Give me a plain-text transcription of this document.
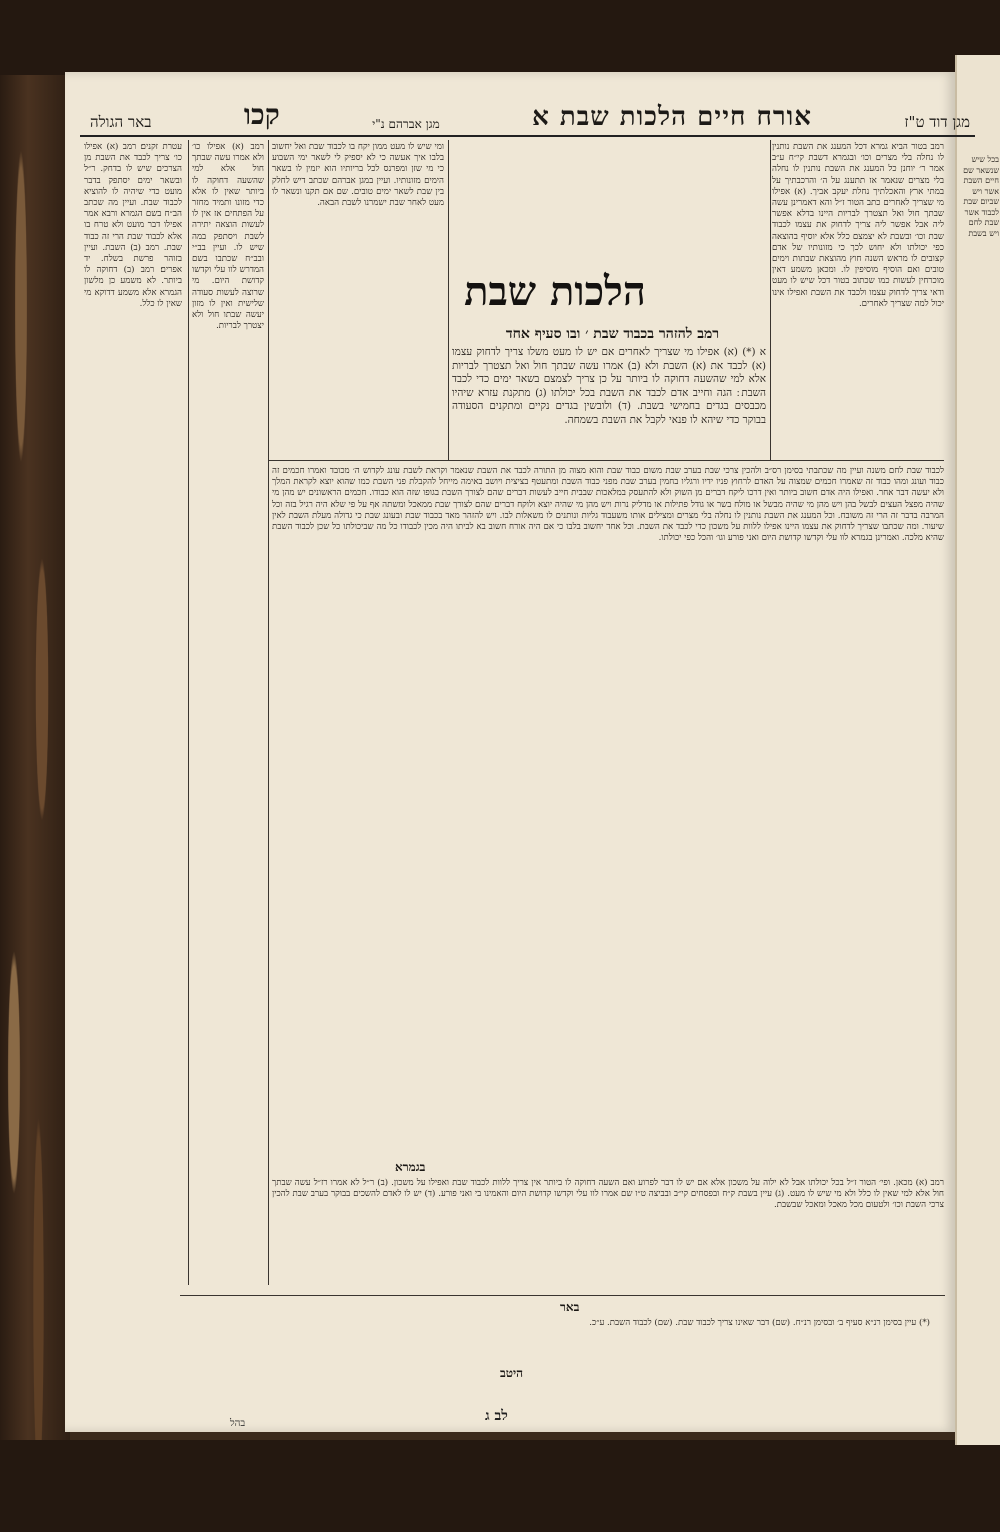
בכל שיש שנשאר שם חיים השבת אשר ויש שביום שבת לכבוד אשר שבת לחם ויש בשבת
מגן דוד ט"ז
אורח חיים הלכות שבת א
מגן אברהם נ"י
קכו
באר הגולה
רמב בטור הביא גמרא דכל המענג את השבת נותנין לו נחלה בלי מצרים וכו׳ ובגמרא דשבת קי״ח ע״ב אמר ר׳ יוחנן כל המענג את השבת נותנין לו נחלה בלי מצרים שנאמר אז תתענג על ה׳ והרכבתיך על במתי ארץ והאכלתיך נחלת יעקב אביך. (א) אפילו מי שצריך לאחרים כתב הטור ז״ל והא דאמרינן עשה שבתך חול ואל תצטרך לבריות היינו בדלא אפשר ליה אבל אפשר ליה צריך לדחוק את עצמו לכבוד שבת וכו׳ ובשבת לא יצמצם כלל אלא יוסיף בהוצאה כפי יכולתו ולא יחוש לכך כי מזונותיו של אדם קצובים לו מראש השנה חוץ מהוצאת שבתות וימים טובים ואם הוסיף מוסיפין לו. ומכאן משמע דאין מוכרחין לעשות כמו שכתוב בטור דכל שיש לו מעט ודאי צריך לדחוק עצמו ולכבד את השבת ואפילו אינו יכול למה שצריך לאחרים.
הלכות שבת
רמב להזהר בכבוד שבת ׳ ובו סעיף אחד
א (*) (א) אפילו מי שצריך לאחרים אם יש לו מעט משלו צריך לדחוק עצמו (א) לכבד את (א) השבת ולא (ב) אמרו עשה שבתך חול ואל תצטרך לבריות אלא למי שהשעה דחוקה לו ביותר על כן צריך לצמצם בשאר ימים כדי לכבד השבת ׃ הגה וחייב אדם לכבד את השבת בכל יכולתו (ג) מתקנת עזרא שיהיו מכבסים בגדים בחמישי בשבת. (ד) ולובשין בגדים נקיים ומתקנים הסעודה בבוקר כדי שיהא לו פנאי לקבל את השבת בשמחה.
ומי שיש לו מעט ממון יקח בו לכבוד שבת ואל יחשוב בלבו איך אעשה כי לא יספיק לי לשאר ימי השבוע כי מי שזן ומפרנס לכל בריותיו הוא יזמין לו בשאר הימים מזונותיו. ועיין במגן אברהם שכתב דיש לחלק בין שבת לשאר ימים טובים. שם אם תקנו ונשאר לו מעט לאחר שבת ישמרנו לשבת הבאה.
לכבוד שבת לחם משנה ועיין מה שכתבתי בסימן רס״ב ולהכין צרכי שבת בערב שבת משום כבוד שבת והוא מצוה מן התורה לכבד את השבת שנאמר וקראת לשבת עונג לקדוש ה׳ מכובד ואמרו חכמים זה כבוד ועונג ומהו כבוד זה שאמרו חכמים שמצוה על האדם לרחוץ פניו ידיו ורגליו בחמין בערב שבת מפני כבוד השבת ומתעטף בציצית ויושב באימה מייחל להקבלת פני השבת כמו שהוא יוצא לקראת המלך ולא יעשה דבר אחר. ואפילו היה אדם חשוב ביותר ואין דרכו ליקח דברים מן השוק ולא להתעסק במלאכות שבבית חייב לעשות דברים שהם לצורך השבת בגופו שזה הוא כבודו. חכמים הראשונים יש מהן מי שהיה מפצל העצים לבשל בהן ויש מהן מי שהיה מבשל או מולח בשר או גודל פתילות או מדליק נרות ויש מהן מי שהיה יוצא ולוקח דברים שהם לצורך שבת ממאכל ומשתה אף על פי שלא היה רגיל בזה וכל המרבה בדבר זה הרי זה משובח. וכל המענג את השבת נותנין לו נחלה בלי מצרים ומצילים אותו משעבוד גליות ונותנים לו משאלות לבו. ויש להזהר מאד בכבוד שבת ובעונג שבת כי גדולה מעלת השבת לאין שיעור. ומה שכתבו שצריך לדחוק את עצמו היינו אפילו ללוות על משכון כדי לכבד את השבת. וכל אחד יחשוב בלבו כי אם היה אורח חשוב בא לביתו היה מכין לכבודו כל מה שביכולתו כל שכן לכבוד השבת שהיא מלכה. ואמרינן בגמרא לוו עלי וקדשו קדושת היום ואני פורע וגו׳ והכל כפי יכולתו.
בגמרא
רמב (א) מכאן. ופי׳ הטור ז״ל בכל יכולתו אבל לא ילוה על משכון אלא אם יש לו דבר לפרוע ואם השעה דחוקה לו ביותר אין צריך ללוות לכבוד שבת ואפילו על משכון. (ב) ר״ל לא אמרו רז״ל עשה שבתך חול אלא למי שאין לו כלל ולא מי שיש לו מעט. (ג) עיין בשבת ק״ח ובפסחים קי״ב ובביצה ט״ו שם אמרו לוו עלי וקדשו קדושת היום והאמינו בי ואני פורע. (ד) יש לו לאדם להשכים בבוקר בערב שבת להכין צרכי השבת וכו׳ ולטעום מכל מאכל ומאכל שבשבת.
רמב (א) אפילו כו׳ ולא אמרו עשה שבתך חול אלא למי שהשעה דחוקה לו ביותר שאין לו אלא כדי מזונו ותמיד מחזר על הפתחים אז אין לו לעשות הוצאה יתירה לשבת ויסתפק במה שיש לו. ועיין בב״י ובב״ח שכתבו בשם המדרש לוו עלי וקדשו קדושת היום. מי שרוצה לעשות סעודה שלישית ואין לו מזון יעשה שבתו חול ולא יצטרך לבריות.
עטרת זקנים׃ רמב (א) אפילו כו׳ צריך לכבד את השבת מן הצרכים שיש לו בדחק. ר״ל ובשאר ימים יסתפק בדבר מועט כדי שיהיה לו להוציא לכבוד שבת. ועיין מה שכתב הב״ח בשם הגמרא ורבא אמר אפילו דבר מועט ולא טרח בו אלא לכבוד שבת הרי זה כבוד שבת. רמב (ב) השבת. ועיין בזוהר פרשת בשלח. יד אפרים׃ רמב (ב) דחוקה לו ביותר. לא משמע כן מלשון הגמרא אלא משמע דדוקא מי שאין לו כלל.
באר
(*) עיין בסימן רנ״א סעיף ב׳ ובסימן רנ״ח. (שם) דבר שאינו צריך לכבוד שבת. (שם) לכבוד השבת. ע״כ.
היטב
לב ג
בהל
